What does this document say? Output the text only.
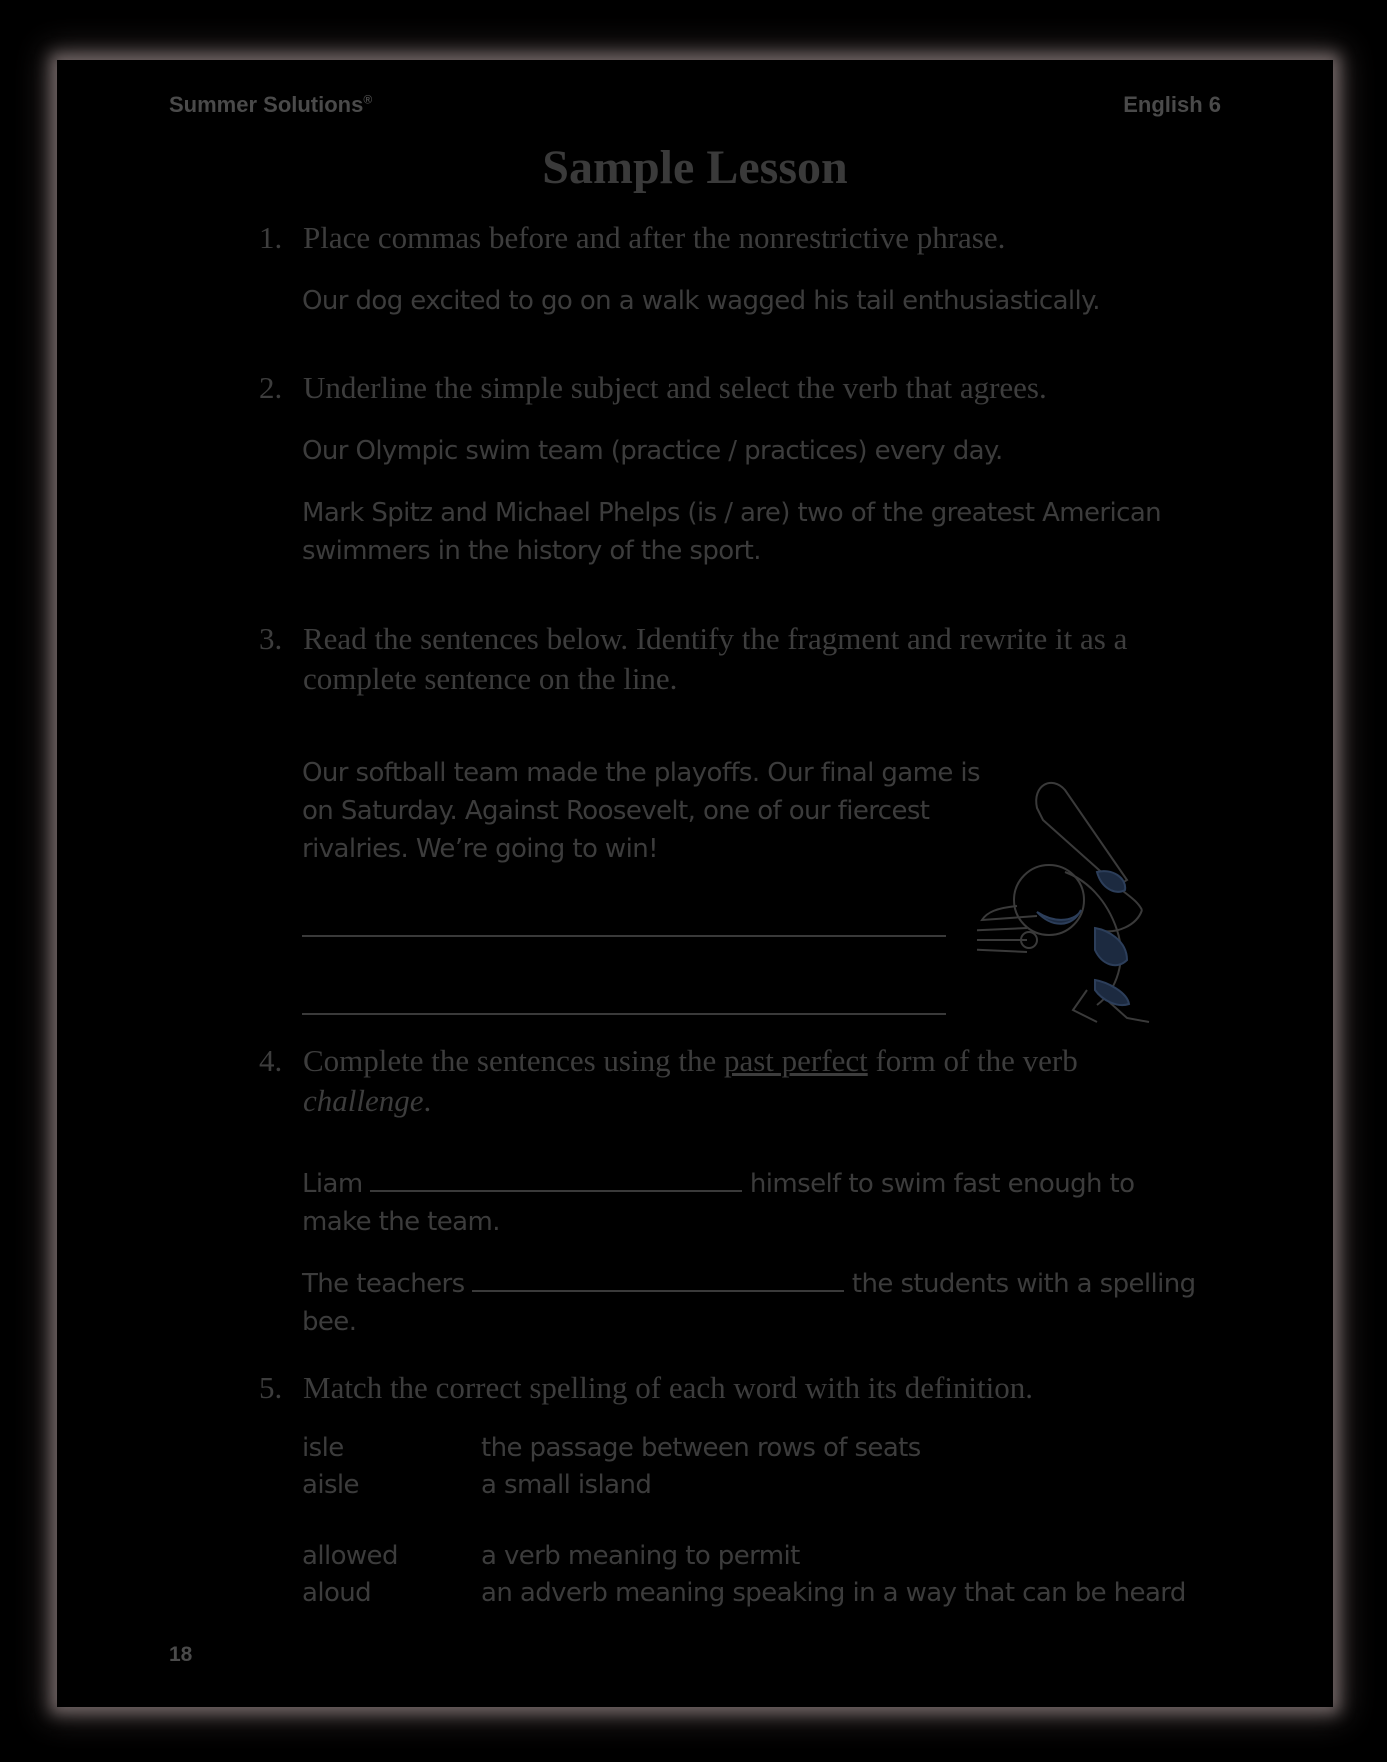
Summer Solutions®	English 6
Sample Lesson
1. Place commas before and after the nonrestrictive phrase.
Our dog excited to go on a walk wagged his tail enthusiastically.
2. Underline the simple subject and select the verb that agrees.
Our Olympic swim team (practice / practices) every day.
Mark Spitz and Michael Phelps (is / are) two of the greatest American swimmers in the history of the sport.
3. Read the sentences below. Identify the fragment and rewrite it as a complete sentence on the line.
Our softball team made the playoffs. Our final game is on Saturday. Against Roosevelt, one of our fiercest rivalries. We’re going to win!
4. Complete the sentences using the past perfect form of the verb
challenge.
Liam	himself to swim fast enough to make the team.
The teachers	the students with a spelling bee.
5. Match the correct spelling of each word with its definition.
isle	the passage between rows of seats
aisle	a small island
allowed	a verb meaning to permit
aloud	an adverb meaning speaking in a way that can be heard
18
